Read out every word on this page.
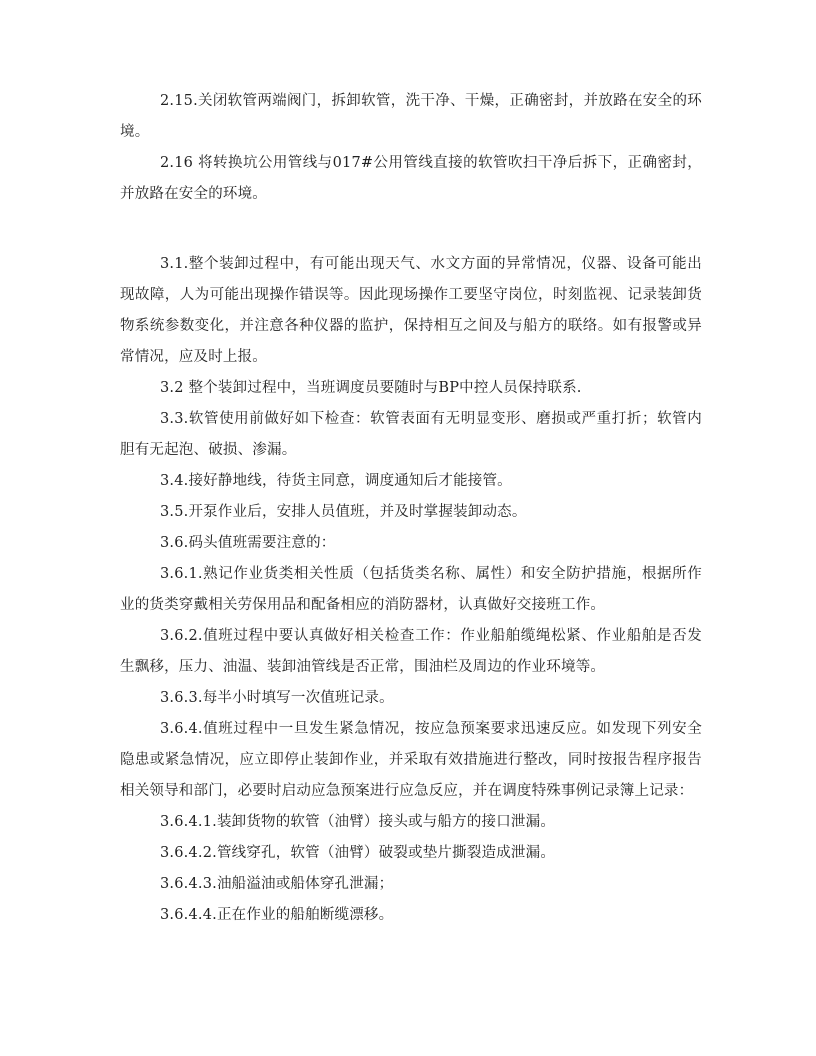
2.15.关闭软管两端阀门，拆卸软管，洗干净、干燥，正确密封，并放路在安全的环境。

2.16 将转换坑公用管线与017#公用管线直接的软管吹扫干净后拆下，正确密封，并放路在安全的环境。

3.1.整个装卸过程中，有可能出现天气、水文方面的异常情况，仪器、设备可能出现故障，人为可能出现操作错误等。因此现场操作工要坚守岗位，时刻监视、记录装卸货物系统参数变化，并注意各种仪器的监护，保持相互之间及与船方的联络。如有报警或异常情况，应及时上报。

3.2 整个装卸过程中，当班调度员要随时与BP中控人员保持联系.

3.3.软管使用前做好如下检查：软管表面有无明显变形、磨损或严重打折；软管内胆有无起泡、破损、渗漏。

3.4.接好静地线，待货主同意，调度通知后才能接管。

3.5.开泵作业后，安排人员值班，并及时掌握装卸动态。

3.6.码头值班需要注意的：

3.6.1.熟记作业货类相关性质（包括货类名称、属性）和安全防护措施，根据所作业的货类穿戴相关劳保用品和配备相应的消防器材，认真做好交接班工作。

3.6.2.值班过程中要认真做好相关检查工作：作业船舶缆绳松紧、作业船舶是否发生飘移，压力、油温、装卸油管线是否正常，围油栏及周边的作业环境等。

3.6.3.每半小时填写一次值班记录。

3.6.4.值班过程中一旦发生紧急情况，按应急预案要求迅速反应。如发现下列安全隐患或紧急情况，应立即停止装卸作业，并采取有效措施进行整改，同时按报告程序报告相关领导和部门，必要时启动应急预案进行应急反应，并在调度特殊事例记录簿上记录：

3.6.4.1.装卸货物的软管（油臂）接头或与船方的接口泄漏。

3.6.4.2.管线穿孔，软管（油臂）破裂或垫片撕裂造成泄漏。

3.6.4.3.油船溢油或船体穿孔泄漏；

3.6.4.4.正在作业的船舶断缆漂移。
